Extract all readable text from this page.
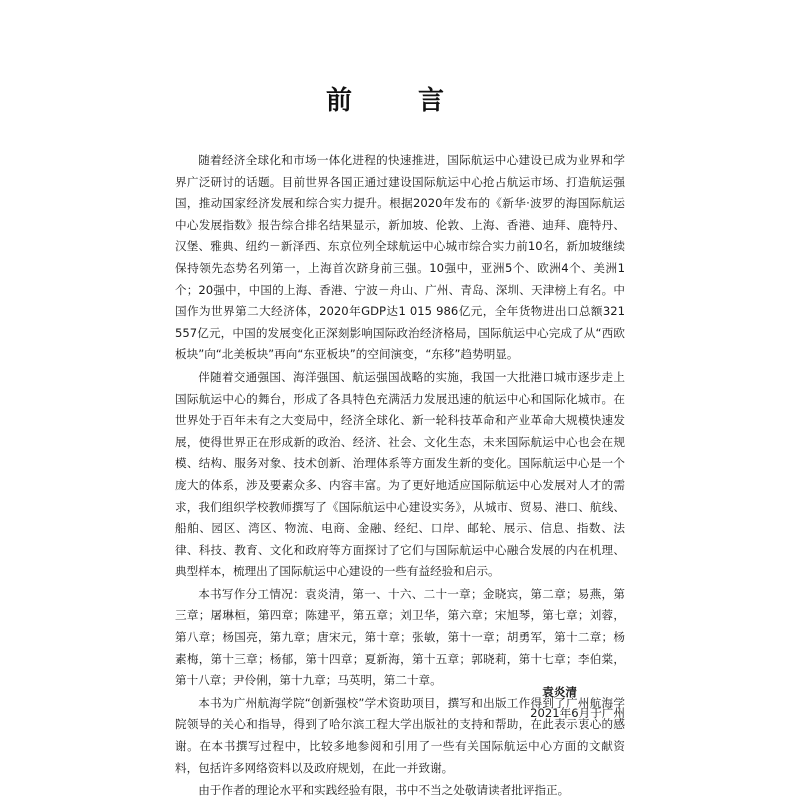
前　言

随着经济全球化和市场一体化进程的快速推进，国际航运中心建设已成为业界和学界广泛研讨的话题。目前世界各国正通过建设国际航运中心抢占航运市场、打造航运强国，推动国家经济发展和综合实力提升。根据2020年发布的《新华·波罗的海国际航运中心发展指数》报告综合排名结果显示，新加坡、伦敦、上海、香港、迪拜、鹿特丹、汉堡、雅典、纽约－新泽西、东京位列全球航运中心城市综合实力前10名，新加坡继续保持领先态势名列第一，上海首次跻身前三强。10强中，亚洲5个、欧洲4个、美洲1个；20强中，中国的上海、香港、宁波－舟山、广州、青岛、深圳、天津榜上有名。中国作为世界第二大经济体，2020年GDP达1 015 986亿元，全年货物进出口总额321 557亿元，中国的发展变化正深刻影响国际政治经济格局，国际航运中心完成了从“西欧板块”向“北美板块”再向“东亚板块”的空间演变，“东移”趋势明显。

伴随着交通强国、海洋强国、航运强国战略的实施，我国一大批港口城市逐步走上国际航运中心的舞台，形成了各具特色充满活力发展迅速的航运中心和国际化城市。在世界处于百年未有之大变局中，经济全球化、新一轮科技革命和产业革命大规模快速发展，使得世界正在形成新的政治、经济、社会、文化生态，未来国际航运中心也会在规模、结构、服务对象、技术创新、治理体系等方面发生新的变化。国际航运中心是一个庞大的体系，涉及要素众多、内容丰富。为了更好地适应国际航运中心发展对人才的需求，我们组织学校教师撰写了《国际航运中心建设实务》，从城市、贸易、港口、航线、船舶、园区、湾区、物流、电商、金融、经纪、口岸、邮轮、展示、信息、指数、法律、科技、教育、文化和政府等方面探讨了它们与国际航运中心融合发展的内在机理、典型样本，梳理出了国际航运中心建设的一些有益经验和启示。

本书写作分工情况：袁炎清，第一、十六、二十一章；金晓宾，第二章；易燕，第三章；屠琳桓，第四章；陈建平，第五章；刘卫华，第六章；宋旭琴，第七章；刘蓉，第八章；杨国亮，第九章；唐宋元，第十章；张敏，第十一章；胡勇军，第十二章；杨素梅，第十三章；杨郁，第十四章；夏新海，第十五章；郭晓莉，第十七章；李伯棠，第十八章；尹伶俐，第十九章；马英明，第二十章。

本书为广州航海学院“创新强校”学术资助项目，撰写和出版工作得到了广州航海学院领导的关心和指导，得到了哈尔滨工程大学出版社的支持和帮助，在此表示衷心的感谢。在本书撰写过程中，比较多地参阅和引用了一些有关国际航运中心方面的文献资料，包括许多网络资料以及政府规划，在此一并致谢。

由于作者的理论水平和实践经验有限，书中不当之处敬请读者批评指正。

袁炎清
2021年6月于广州
